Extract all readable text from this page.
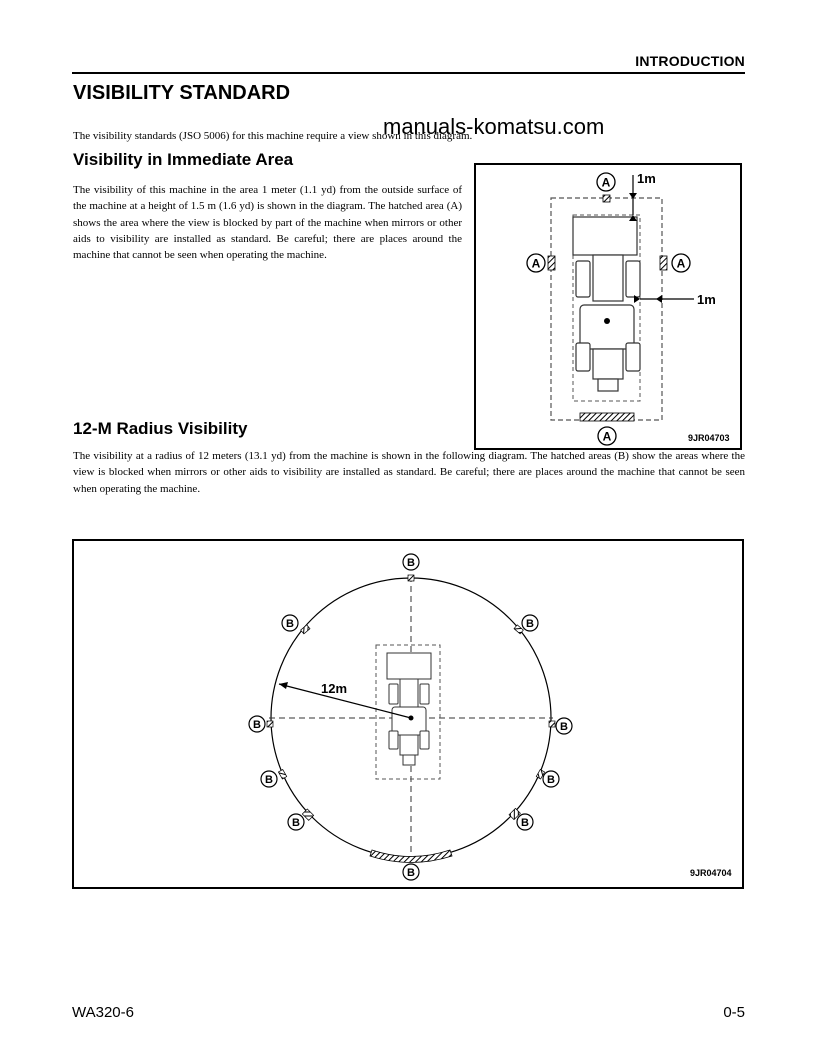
INTRODUCTION
VISIBILITY STANDARD
manuals-komatsu.com
The visibility standards (JSO 5006) for this machine require a view shown in this diagram.
Visibility in Immediate Area
The visibility of this machine in the area 1 meter (1.1 yd) from the outside surface of the machine at a height of 1.5 m (1.6 yd) is shown in the diagram. The hatched area (A) shows the area where the view is blocked by part of the machine when mirrors or other aids to visibility are installed as standard. Be careful; there are places around the machine that cannot be seen when operating the machine.
1m
1m
A
A	A
A	9JR04703
12-M Radius Visibility
The visibility at a radius of 12 meters (13.1 yd) from the machine is shown in the following diagram. The hatched areas (B) show the areas where the view is blocked when mirrors or other aids to visibility are installed as standard. Be careful; there are places around the machine that cannot be seen when operating the machine.
12m
B
B	B
B	B
B	B
B	B
B	9JR04704
WA320-6	0-5
